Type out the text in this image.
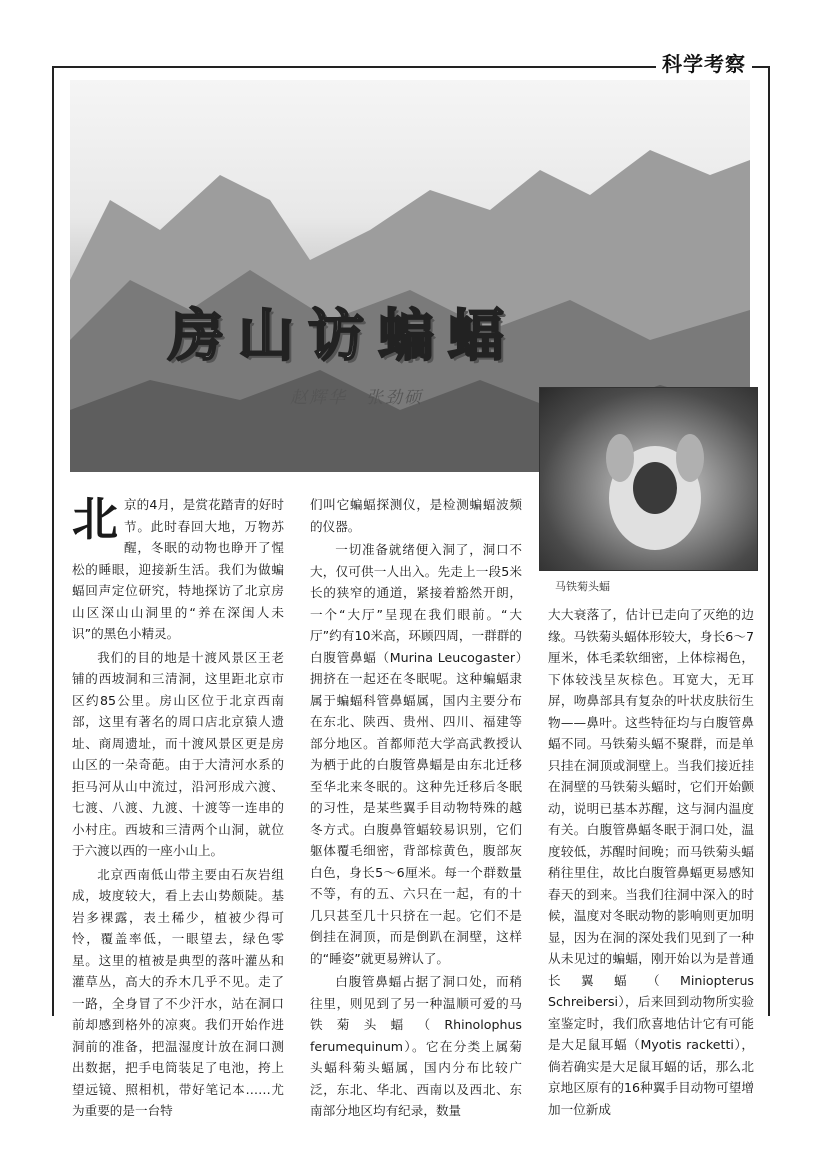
科学考察
房山访蝙蝠
赵辉华　张劲硕
马铁菊头蝠

北京的4月，是赏花踏青的好时节。此时春回大地，万物苏醒，冬眠的动物也睁开了惺松的睡眼，迎接新生活。我们为做蝙蝠回声定位研究，特地探访了北京房山区深山山洞里的“养在深闺人未识”的黑色小精灵。

我们的目的地是十渡风景区王老铺的西坡洞和三清洞，这里距北京市区约85公里。房山区位于北京西南部，这里有著名的周口店北京猿人遗址、商周遗址，而十渡风景区更是房山区的一朵奇葩。由于大清河水系的拒马河从山中流过，沿河形成六渡、七渡、八渡、九渡、十渡等一连串的小村庄。西坡和三清两个山洞，就位于六渡以西的一座小山上。

北京西南低山带主要由石灰岩组成，坡度较大，看上去山势颇陡。基岩多裸露，表土稀少，植被少得可怜，覆盖率低，一眼望去，绿色零星。这里的植被是典型的落叶灌丛和灌草丛，高大的乔木几乎不见。走了一路，全身冒了不少汗水，站在洞口前却感到格外的凉爽。我们开始作进洞前的准备，把温湿度计放在洞口测出数据，把手电筒装足了电池，挎上望远镜、照相机，带好笔记本……尤为重要的是一台特

们叫它蝙蝠探测仪，是检测蝙蝠波频的仪器。

一切准备就绪便入洞了，洞口不大，仅可供一人出入。先走上一段5米长的狭窄的通道，紧接着豁然开朗，一个“大厅”呈现在我们眼前。“大厅”约有10米高，环顾四周，一群群的白腹管鼻蝠（Murina Leucogaster）拥挤在一起还在冬眠呢。这种蝙蝠隶属于蝙蝠科管鼻蝠属，国内主要分布在东北、陕西、贵州、四川、福建等部分地区。首都师范大学高武教授认为栖于此的白腹管鼻蝠是由东北迁移至华北来冬眠的。这种先迁移后冬眠的习性，是某些翼手目动物特殊的越冬方式。白腹鼻管蝠较易识别，它们躯体覆毛细密，背部棕黄色，腹部灰白色，身长5～6厘米。每一个群数量不等，有的五、六只在一起，有的十几只甚至几十只挤在一起。它们不是倒挂在洞顶，而是倒趴在洞壁，这样的“睡姿”就更易辨认了。

白腹管鼻蝠占据了洞口处，而稍往里，则见到了另一种温顺可爱的马铁菊头蝠（Rhinolophus ferumequinum）。它在分类上属菊头蝠科菊头蝠属，国内分布比较广泛，东北、华北、西南以及西北、东南部分地区均有纪录，数量

大大衰落了，估计已走向了灭绝的边缘。马铁菊头蝠体形较大，身长6～7厘米，体毛柔软细密，上体棕褐色，下体较浅呈灰棕色。耳宽大，无耳屏，吻鼻部具有复杂的叶状皮肤衍生物——鼻叶。这些特征均与白腹管鼻蝠不同。马铁菊头蝠不聚群，而是单只挂在洞顶或洞壁上。当我们接近挂在洞壁的马铁菊头蝠时，它们开始颤动，说明已基本苏醒，这与洞内温度有关。白腹管鼻蝠冬眠于洞口处，温度较低，苏醒时间晚；而马铁菊头蝠稍往里住，故比白腹管鼻蝠更易感知春天的到来。当我们往洞中深入的时候，温度对冬眠动物的影响则更加明显，因为在洞的深处我们见到了一种从未见过的蝙蝠，刚开始以为是普通长翼蝠（Miniopterus Schreibersi），后来回到动物所实验室鉴定时，我们欣喜地估计它有可能是大足鼠耳蝠（Myotis racketti），倘若确实是大足鼠耳蝠的话，那么北京地区原有的16种翼手目动物可望增加一位新成
